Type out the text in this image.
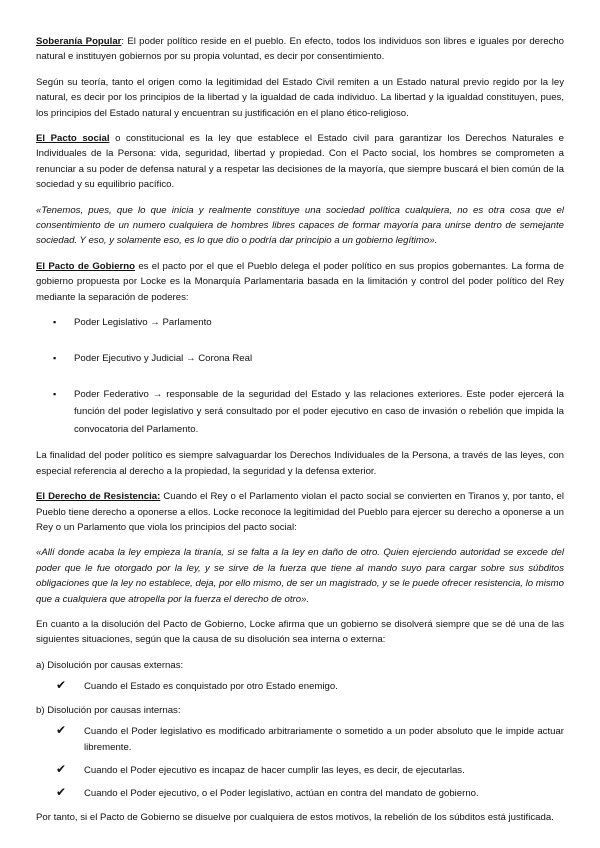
Soberanía Popular: El poder político reside en el pueblo. En efecto, todos los individuos son libres e iguales por derecho natural e instituyen gobiernos por su propia voluntad, es decir por consentimiento.

Según su teoría, tanto el origen como la legitimidad del Estado Civil remiten a un Estado natural previo regido por la ley natural, es decir por los principios de la libertad y la igualdad de cada individuo. La libertad y la igualdad constituyen, pues, los principios del Estado natural y encuentran su justificación en el plano ético-religioso.

El Pacto social o constitucional es la ley que establece el Estado civil para garantizar los Derechos Naturales e Individuales de la Persona: vida, seguridad, libertad y propiedad. Con el Pacto social, los hombres se comprometen a renunciar a su poder de defensa natural y a respetar las decisiones de la mayoría, que siempre buscará el bien común de la sociedad y su equilibrio pacífico.

«Tenemos, pues, que lo que inicia y realmente constituye una sociedad política cualquiera, no es otra cosa que el consentimiento de un numero cualquiera de hombres libres capaces de formar mayoría para unirse dentro de semejante sociedad. Y eso, y solamente eso, es lo que dio o podría dar principio a un gobierno legítimo».

El Pacto de Gobierno es el pacto por el que el Pueblo delega el poder político en sus propios gobernantes. La forma de gobierno propuesta por Locke es la Monarquía Parlamentaria basada en la limitación y control del poder político del Rey mediante la separación de poderes:

▪ Poder Legislativo → Parlamento
▪ Poder Ejecutivo y Judicial → Corona Real
▪ Poder Federativo → responsable de la seguridad del Estado y las relaciones exteriores. Este poder ejercerá la función del poder legislativo y será consultado por el poder ejecutivo en caso de invasión o rebelión que impida la convocatoria del Parlamento.

La finalidad del poder político es siempre salvaguardar los Derechos Individuales de la Persona, a través de las leyes, con especial referencia al derecho a la propiedad, la seguridad y la defensa exterior.

El Derecho de Resistencia: Cuando el Rey o el Parlamento violan el pacto social se convierten en Tiranos y, por tanto, el Pueblo tiene derecho a oponerse a ellos. Locke reconoce la legitimidad del Pueblo para ejercer su derecho a oponerse a un Rey o un Parlamento que viola los principios del pacto social:

«Allí donde acaba la ley empieza la tiranía, si se falta a la ley en daño de otro. Quien ejerciendo autoridad se excede del poder que le fue otorgado por la ley, y se sirve de la fuerza que tiene al mando suyo para cargar sobre sus súbditos obligaciones que la ley no establece, deja, por ello mismo, de ser un magistrado, y se le puede ofrecer resistencia, lo mismo que a cualquiera que atropella por la fuerza el derecho de otro».

En cuanto a la disolución del Pacto de Gobierno, Locke afirma que un gobierno se disolverá siempre que se dé una de las siguientes situaciones, según que la causa de su disolución sea interna o externa:

a) Disolución por causas externas:
✔ Cuando el Estado es conquistado por otro Estado enemigo.
b) Disolución por causas internas:
✔ Cuando el Poder legislativo es modificado arbitrariamente o sometido a un poder absoluto que le impide actuar libremente.
✔ Cuando el Poder ejecutivo es incapaz de hacer cumplir las leyes, es decir, de ejecutarlas.
✔ Cuando el Poder ejecutivo, o el Poder legislativo, actúan en contra del mandato de gobierno.

Por tanto, si el Pacto de Gobierno se disuelve por cualquiera de estos motivos, la rebelión de los súbditos está justificada.
